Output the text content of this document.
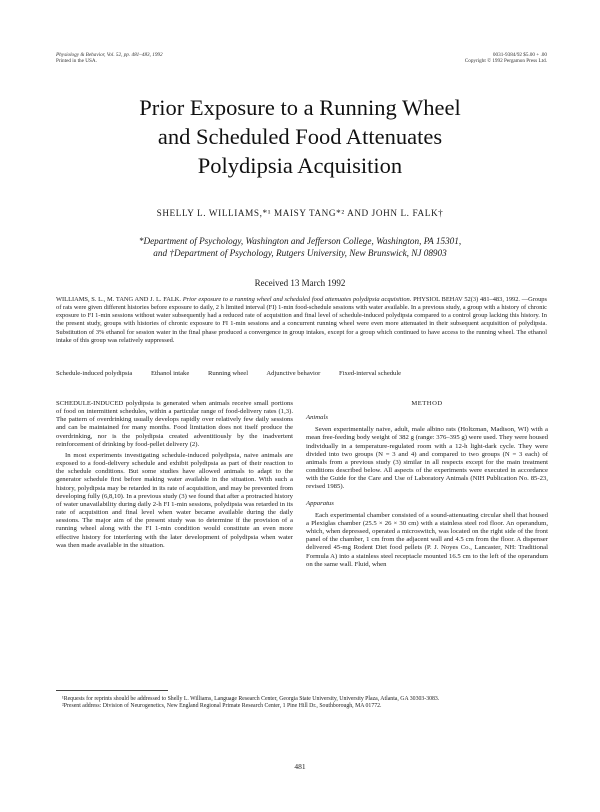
Physiology & Behavior, Vol. 52, pp. 481–483, 1992
Printed in the USA.
0031-9384/92 $5.00 + .00
Copyright © 1992 Pergamon Press Ltd.
Prior Exposure to a Running Wheel
and Scheduled Food Attenuates
Polydipsia Acquisition
SHELLY L. WILLIAMS,*¹ MAISY TANG*² AND JOHN L. FALK†
*Department of Psychology, Washington and Jefferson College, Washington, PA 15301,
and †Department of Psychology, Rutgers University, New Brunswick, NJ 08903
Received 13 March 1992
WILLIAMS, S. L., M. TANG AND J. L. FALK. Prior exposure to a running wheel and scheduled food attenuates polydipsia acquisition. PHYSIOL BEHAV 52(3) 481–483, 1992. —Groups of rats were given different histories before exposure to daily, 2 h limited interval (FI) 1-min food-schedule sessions with water available. In a previous study, a group with a history of chronic exposure to FI 1-min sessions without water subsequently had a reduced rate of acquisition and final level of schedule-induced polydipsia compared to a control group lacking this history. In the present study, groups with histories of chronic exposure to FI 1-min sessions and a concurrent running wheel were even more attenuated in their subsequent acquisition of polydipsia. Substitution of 3% ethanol for session water in the final phase produced a convergence in group intakes, except for a group which continued to have access to the running wheel. The ethanol intake of this group was relatively suppressed.
Schedule-induced polydipsia	Ethanol intake	Running wheel	Adjunctive behavior	Fixed-interval schedule

SCHEDULE-INDUCED polydipsia is generated when animals receive small portions of food on intermittent schedules, within a particular range of food-delivery rates (1,3). The pattern of overdrinking usually develops rapidly over relatively few daily sessions and can be maintained for many months. Food limitation does not itself produce the overdrinking, nor is the polydipsia created adventitiously by the inadvertent reinforcement of drinking by food-pellet delivery (2).

In most experiments investigating schedule-induced polydipsia, naive animals are exposed to a food-delivery schedule and exhibit polydipsia as part of their reaction to the schedule conditions. But some studies have allowed animals to adapt to the generator schedule first before making water available in the situation. With such a history, polydipsia may be retarded in its rate of acquisition, and may be prevented from developing fully (6,8,10). In a previous study (3) we found that after a protracted history of water unavailability during daily 2-h FI 1-min sessions, polydipsia was retarded in its rate of acquisition and final level when water became available during the daily sessions. The major aim of the present study was to determine if the provision of a running wheel along with the FI 1-min condition would constitute an even more effective history for interfering with the later development of polydipsia when water was then made available in the situation.

METHOD
Animals

Seven experimentally naive, adult, male albino rats (Holtzman, Madison, WI) with a mean free-feeding body weight of 382 g (range: 376–395 g) were used. They were housed individually in a temperature-regulated room with a 12-h light-dark cycle. They were divided into two groups (N = 3 and 4) and compared to two groups (N = 3 each) of animals from a previous study (3) similar in all respects except for the main treatment conditions described below. All aspects of the experiments were executed in accordance with the Guide for the Care and Use of Laboratory Animals (NIH Publication No. 85-23, revised 1985).

Apparatus

Each experimental chamber consisted of a sound-attenuating circular shell that housed a Plexiglas chamber (25.5 × 26 × 30 cm) with a stainless steel rod floor. An operandum, which, when depressed, operated a microswitch, was located on the right side of the front panel of the chamber, 1 cm from the adjacent wall and 4.5 cm from the floor. A dispenser delivered 45-mg Rodent Diet food pellets (P. J. Noyes Co., Lancaster, NH: Traditional Formula A) into a stainless steel receptacle mounted 16.5 cm to the left of the operandum on the same wall. Fluid, when

¹Requests for reprints should be addressed to Shelly L. Williams, Language Research Center, Georgia State University, University Plaza, Atlanta, GA 30303-3083.

²Present address: Division of Neurogenetics, New England Regional Primate Research Center, 1 Pine Hill Dr., Southborough, MA 01772.

481
